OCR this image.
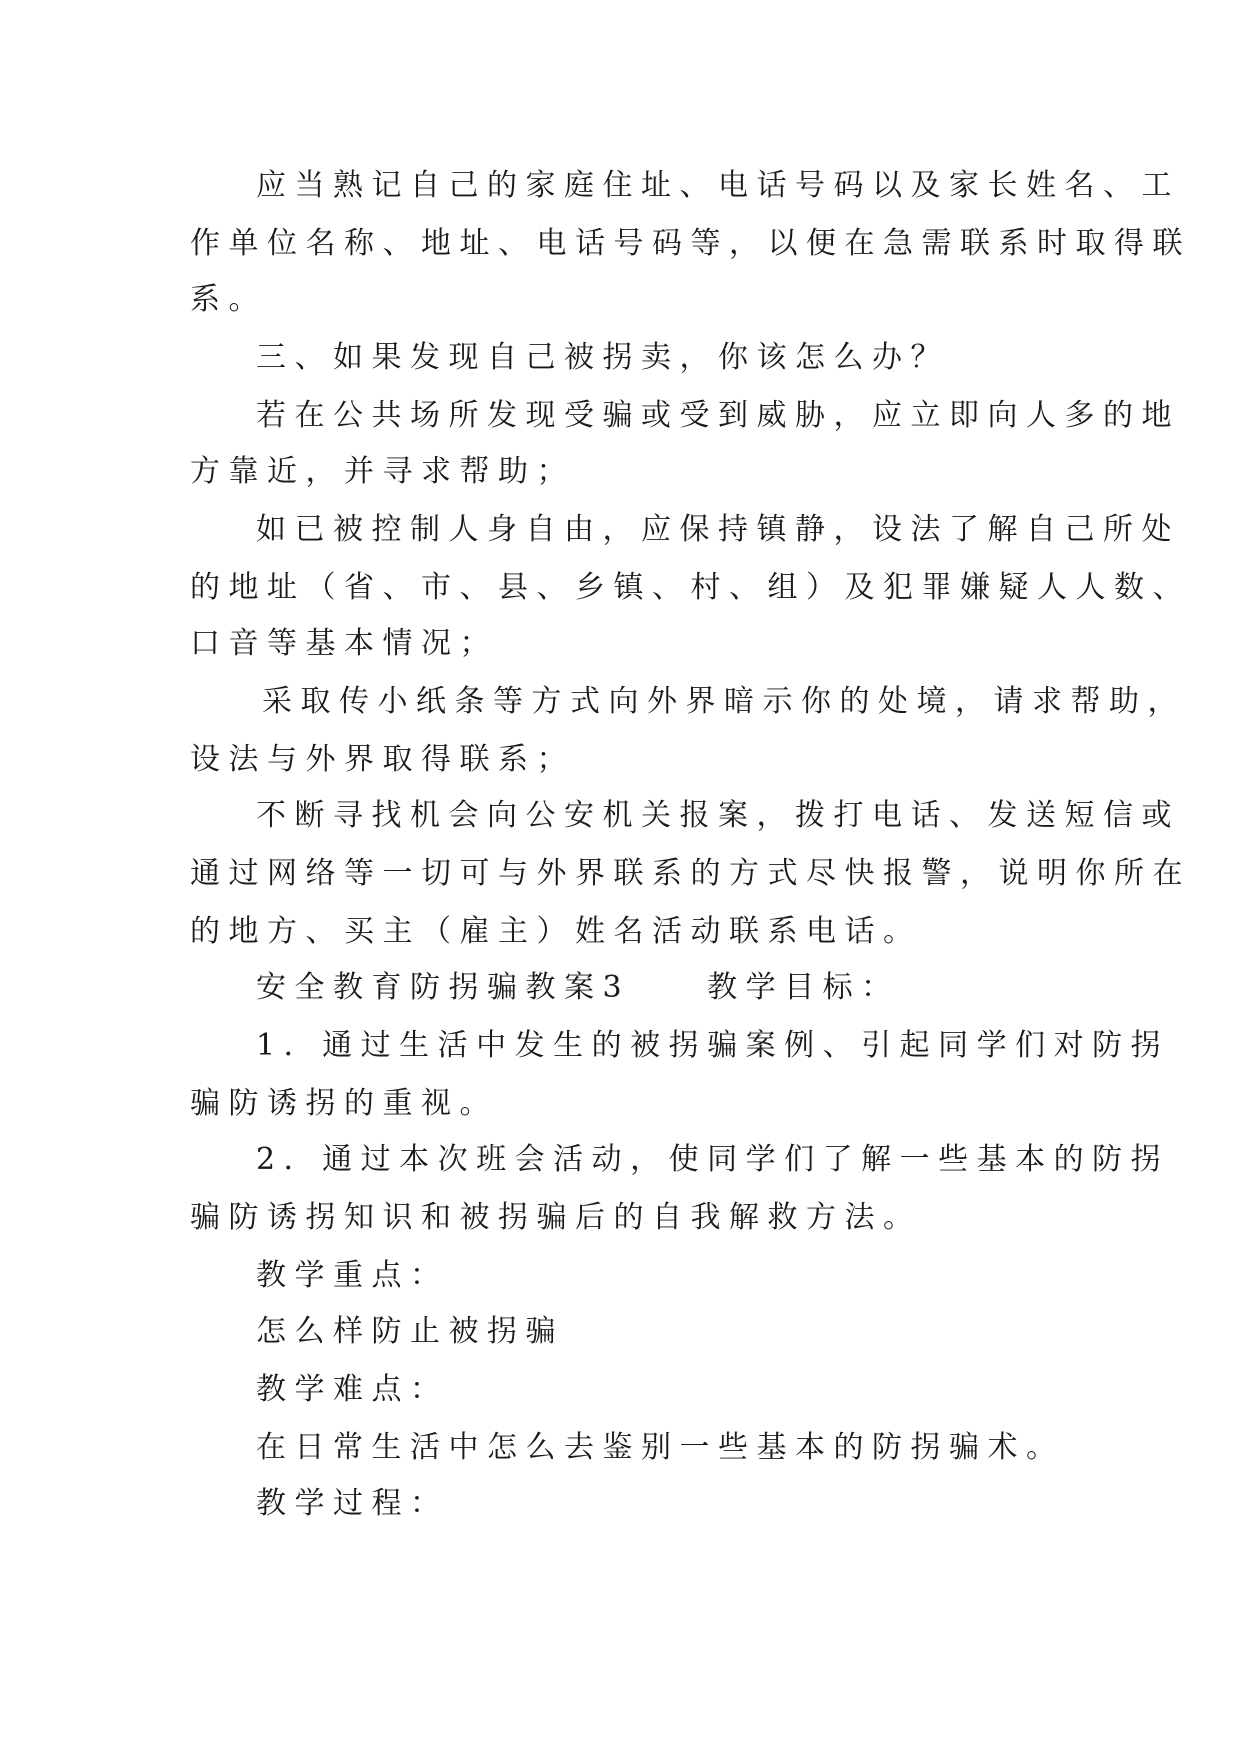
应当熟记自己的家庭住址、电话号码以及家长姓名、工
作单位名称、地址、电话号码等，以便在急需联系时取得联
系。
三、如果发现自己被拐卖，你该怎么办？
若在公共场所发现受骗或受到威胁，应立即向人多的地
方靠近，并寻求帮助；
如已被控制人身自由，应保持镇静，设法了解自己所处
的地址（省、市、县、乡镇、村、组）及犯罪嫌疑人人数、
口音等基本情况；
采取传小纸条等方式向外界暗示你的处境，请求帮助，
设法与外界取得联系；
不断寻找机会向公安机关报案，拨打电话、发送短信或
通过网络等一切可与外界联系的方式尽快报警，说明你所在
的地方、买主（雇主）姓名活动联系电话。
安全教育防拐骗教案3　　教学目标：
1．通过生活中发生的被拐骗案例、引起同学们对防拐
骗防诱拐的重视。
2．通过本次班会活动，使同学们了解一些基本的防拐
骗防诱拐知识和被拐骗后的自我解救方法。
教学重点：
怎么样防止被拐骗
教学难点：
在日常生活中怎么去鉴别一些基本的防拐骗术。
教学过程：
